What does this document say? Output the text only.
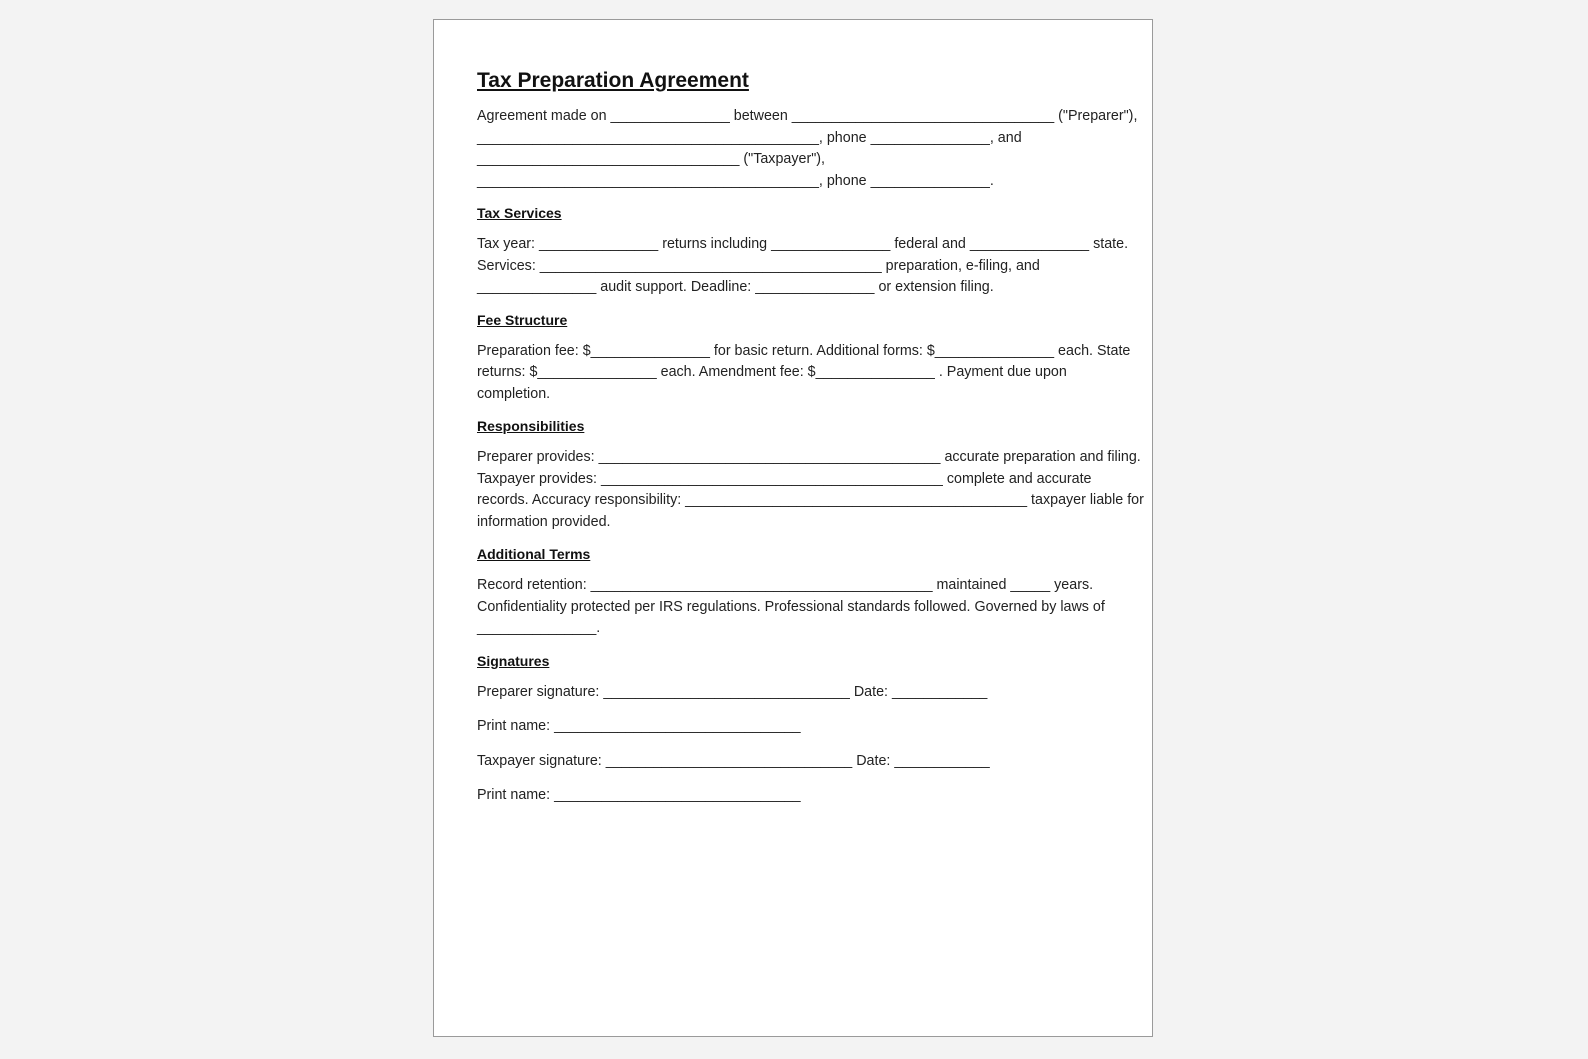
Tax Preparation Agreement
Agreement made on _______________ between _________________________________ ("Preparer"),
___________________________________________, phone _______________, and
_________________________________ ("Taxpayer"),
___________________________________________, phone _______________.
Tax Services
Tax year: _______________ returns including _______________ federal and _______________ state.
Services: ___________________________________________ preparation, e-filing, and
_______________ audit support. Deadline: _______________ or extension filing.
Fee Structure
Preparation fee: $_______________ for basic return. Additional forms: $_______________ each. State
returns: $_______________ each. Amendment fee: $_______________ . Payment due upon
completion.
Responsibilities
Preparer provides: ___________________________________________ accurate preparation and filing.
Taxpayer provides: ___________________________________________ complete and accurate
records. Accuracy responsibility: ___________________________________________ taxpayer liable for
information provided.
Additional Terms
Record retention: ___________________________________________ maintained _____ years.
Confidentiality protected per IRS regulations. Professional standards followed. Governed by laws of
_______________.
Signatures
Preparer signature: _______________________________ Date: ____________
Print name: _______________________________
Taxpayer signature: _______________________________ Date: ____________
Print name: _______________________________
